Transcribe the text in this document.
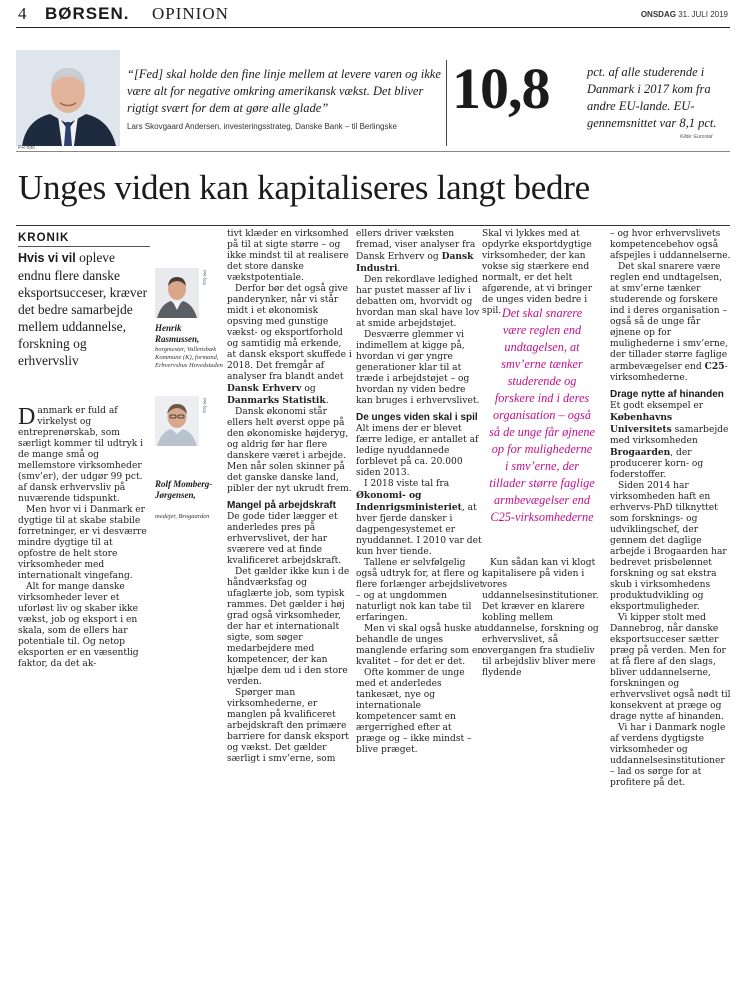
4 BØRSEN. OPINION	ONSDAG 31. JULI 2019
PR-foto
“[Fed] skal holde den fine linje mellem at levere varen og ikke være alt for negative omkring amerikansk vækst. Det bliver rigtigt svært for dem at gøre alle glade”
Lars Skovgaard Andersen, investeringsstrateg, Danske Bank – til Berlingske
10,8	pct. af alle studerende i Danmark i 2017 kom fra andre EU-lande. EU-gennemsnittet var 8,1 pct.
Kilde: Eurostat
Unges viden kan kapitaliseres langt bedre
KRONIK
Hvis vi vil opleve endnu flere danske eksportsucceser, kræver det bedre samarbejde mellem uddannelse, forskning og erhvervsliv

Danmark er fuld af virkelyst og entreprenørskab, som særligt kommer til udtryk i de mange små og mellemstore virksomheder (smv’er), der udgør 99 pct. af dansk erhvervsliv på nuværende tidspunkt.

Men hvor vi i Danmark er dygtige til at skabe stabile forretninger, er vi desværre mindre dygtige til at opfostre de helt store virksomheder med internationalt vingefang.

Alt for mange danske virksomheder lever et uforløst liv og skaber ikke vækst, job og eksport i en skala, som de ellers har potentiale til. Og netop eksporten er en væsentlig faktor, da det ak-

PR-foto
Henrik Rasmussen,
borgmester, Vallensbæk Kommune (K), formand, Erhvervshus Hovedstaden
PR-foto
Rolf Momberg-Jørgensen,
medejer, Brogaarden

tivt klæder en virksomhed på til at sigte større – og ikke mindst til at realisere det store danske vækstpotentiale.

Derfor bør det også give panderynker, når vi står midt i et økonomisk opsving med gunstige vækst- og eksportforhold og samtidig må erkende, at dansk eksport skuffede i 2018. Det fremgår af analyser fra blandt andet Dansk Erhverv og Danmarks Statistik.

Dansk økonomi står ellers helt øverst oppe på den økonomiske højderyg, og aldrig før har flere danskere været i arbejde. Men når solen skinner på det ganske danske land, pibler der nyt ukrudt frem.

Mangel på arbejdskraft

De gode tider lægger et anderledes pres på erhvervslivet, der har sværere ved at finde kvalificeret arbejdskraft.

Det gælder ikke kun i de håndværksfag og ufaglærte job, som typisk rammes. Det gælder i høj grad også virksomheder, der har et internationalt sigte, som søger medarbejdere med kompetencer, der kan hjælpe dem ud i den store verden.

Spørger man virksomhederne, er manglen på kvalificeret arbejdskraft den primære barriere for dansk eksport og vækst. Det gælder særligt i smv’erne, som

ellers driver væksten fremad, viser analyser fra Dansk Erhverv og Dansk Industri.

Den rekordlave ledighed har pustet masser af liv i debatten om, hvorvidt og hvordan man skal have lov at smide arbejdstøjet.

Desværre glemmer vi indimellem at kigge på, hvordan vi gør yngre generationer klar til at træde i arbejdstøjet – og hvordan ny viden bedre kan bruges i erhvervslivet.

De unges viden skal i spil

Alt imens der er blevet færre ledige, er antallet af ledige nyuddannede forblevet på ca. 20.000 siden 2013.

I 2018 viste tal fra Økonomi- og Indenrigsministeriet, at hver fjerde dansker i dagpengesystemet er nyuddannet. I 2010 var det kun hver tiende.

Tallene er selvfølgelig også udtryk for, at flere og flere forlænger arbejdslivet – og at ungdommen naturligt nok kan tabe til erfaringen.

Men vi skal også huske at behandle de unges manglende erfaring som en kvalitet – for det er det.

Ofte kommer de unge med et anderledes tankesæt, nye og internationale kompetencer samt en ærgerrighed efter at præge og – ikke mindst – blive præget.

Skal vi lykkes med at opdyrke eksportdygtige virksomheder, der kan vokse sig stærkere end normalt, er det helt afgørende, at vi bringer de unges viden bedre i spil. Det skal snarere være reglen end undtagelsen, at smv’erne tænker studerende og forskere ind i deres organisation – også så de unge får øjnene op for mulighederne i smv’erne, der tillader større faglige armbevægelser end C25-virksomhederne

Kun sådan kan vi klogt kapitalisere på viden i vores uddannelsesinstitutioner. Det kræver en klarere kobling mellem uddannelse, forskning og erhvervslivet, så overgangen fra studieliv til arbejdsliv bliver mere flydende

– og hvor erhvervslivets kompetencebehov også afspejles i uddannelserne.

Det skal snarere være reglen end undtagelsen, at smv’erne tænker studerende og forskere ind i deres organisation – også så de unge får øjnene op for mulighederne i smv’erne, der tillader større faglige armbevægelser end C25-virksomhederne.

Drage nytte af hinanden

Et godt eksempel er Københavns Universitets samarbejde med virksomheden Brogaarden, der producerer korn- og foderstoffer.

Siden 2014 har virksomheden haft en erhvervs-PhD tilknyttet som forsknings- og udviklingschef, der gennem det daglige arbejde i Brogaarden har bedrevet prisbelønnet forskning og sat ekstra skub i virksomhedens produktudvikling og eksportmuligheder.

Vi kipper stolt med Dannebrog, når danske eksportsucceser sætter præg på verden. Men for at få flere af den slags, bliver uddannelserne, forskningen og erhvervslivet også nødt til konsekvent at præge og drage nytte af hinanden.

Vi har i Danmark nogle af verdens dygtigste virksomheder og uddannelsesinstitutioner – lad os sørge for at profitere på det.
